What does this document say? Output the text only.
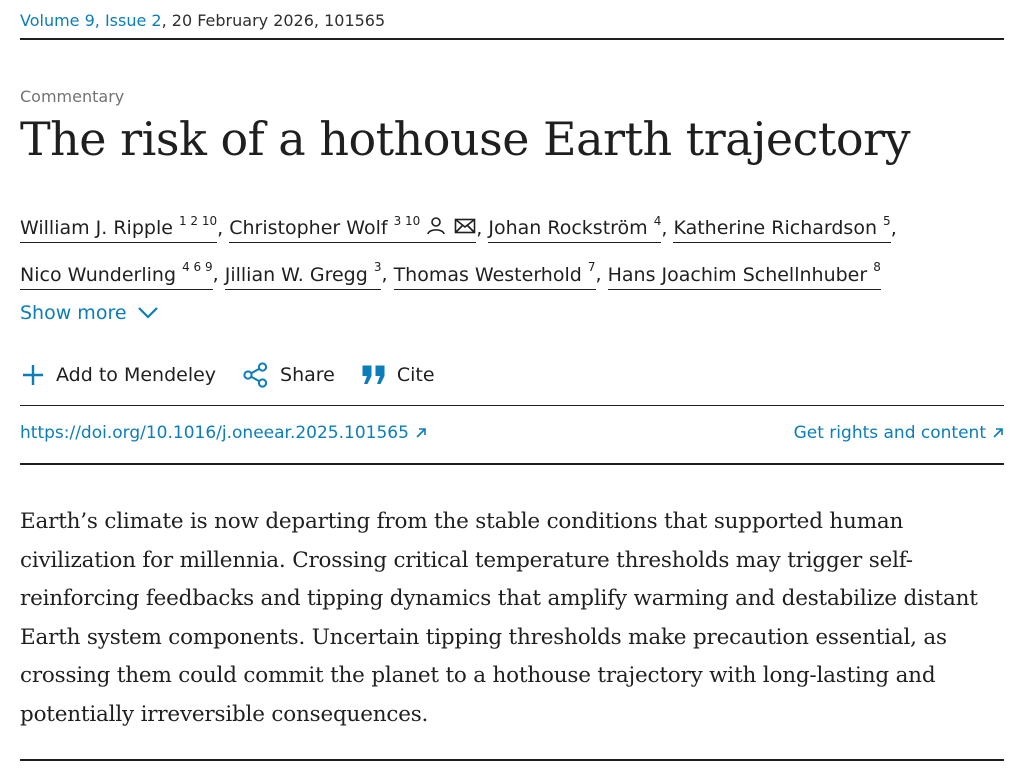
Volume 9, Issue 2, 20 February 2026, 101565
Commentary
The risk of a hothouse Earth trajectory
William J. Ripple $^{1 2 10}$, Christopher Wolf $^{3 10}$	, Johan Rockström $^4$, Katherine Richardson $^5$,
Nico Wunderling $^{4 6 9}$, Jillian W. Gregg $^3$, Thomas Westerhold $^7$, Hans Joachim Schellnhuber $^8$
Show more
Add to Mendeley	Share	Cite
https://doi.org/10.1016/j.oneear.2025.101565	Get rights and content

Earth’s climate is now departing from the stable conditions that supported human civilization for millennia. Crossing critical temperature thresholds may trigger self-reinforcing feedbacks and tipping dynamics that amplify warming and destabilize distant Earth system components. Uncertain tipping thresholds make precaution essential, as crossing them could commit the planet to a hothouse trajectory with long-lasting and potentially irreversible consequences.
